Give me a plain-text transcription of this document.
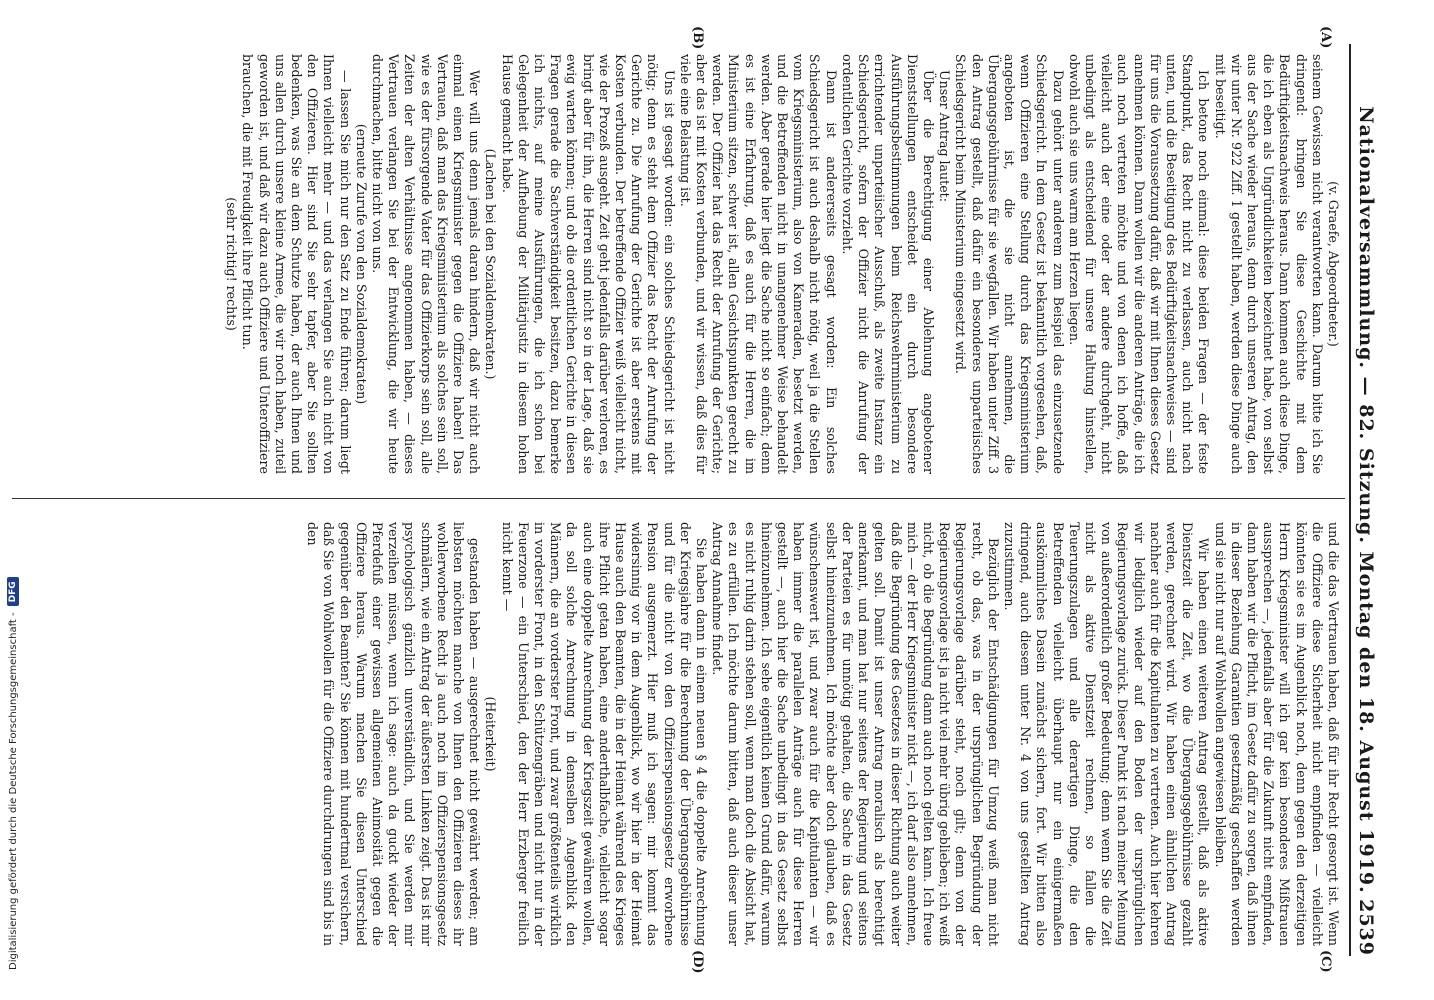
Nationalversammlung. — 82. Sitzung. Montag den 18. August 1919.
2539
(A)
(B)
(C)
(D)

(v. Graefe, Abgeordneter.)

seinem Gewissen nicht verantworten kann. Darum bitte ich Sie dringend: bringen Sie diese Geschichte mit dem Bedürftigkeitsnachweis heraus. Dann kommen auch diese Dinge, die ich eben als Ungründlichkeiten bezeichnet habe, von selbst aus der Sache wieder heraus, denn durch unseren Antrag, den wir unter Nr. 922 Ziff. 1 gestellt haben, werden diese Dinge auch mit beseitigt.

Ich betone noch einmal: diese beiden Fragen — der feste Standpunkt, das Recht nicht zu verlassen, auch nicht nach unten, und die Beseitigung des Bedürftigkeitsnachweises — sind für uns die Voraussetzung dafür, daß wir mit Ihnen dieses Gesetz annehmen können. Dann wollen wir die anderen Anträge, die ich auch noch vertreten möchte und von denen ich hoffe, daß vielleicht auch der eine oder der andere durchgeht, nicht unbedingt als entscheidend für unsere Haltung hinstellen, obwohl auch sie uns warm am Herzen liegen.

Dazu gehört unter anderem zum Beispiel das einzusetzende Schiedsgericht. In dem Gesetz ist bekanntlich vorgesehen, daß, wenn Offizieren eine Stellung durch das Kriegsministerium angeboten ist, die sie nicht annehmen, die Übergangsgebührnisse für sie wegfallen. Wir haben unter Ziff. 3 den Antrag gestellt, daß dafür ein besonderes unparteiisches Schiedsgericht beim Ministerium eingesetzt wird.

Unser Antrag lautet:

Über die Berechtigung einer Ablehnung angebotener Dienststellungen entscheidet ein durch besondere Ausführungsbestimmungen beim Reichswehrministerium zu errichtender unparteiischer Ausschuß, als zweite Instanz ein Schiedsgericht, sofern der Offizier nicht die Anrufung der ordentlichen Gerichte vorzieht.

Dann ist andererseits gesagt worden: Ein solches Schiedsgericht ist auch deshalb nicht nötig, weil ja die Stellen vom Kriegsministerium, also von Kameraden, besetzt werden, und die Betreffenden nicht in unangenehmer Weise behandelt werden. Aber gerade hier liegt die Sache nicht so einfach; denn es ist eine Erfahrung, daß es auch für die Herren, die im Ministerium sitzen, schwer ist, allen Gesichtspunkten gerecht zu werden. Der Offizier hat das Recht der Anrufung der Gerichte; aber das ist mit Kosten verbunden, und wir wissen, daß dies für viele eine Belastung ist.

Uns ist gesagt worden: ein solches Schiedsgericht ist nicht nötig; denn es steht dem Offizier das Recht der Anrufung der Gerichte zu. Die Anrufung der Gerichte ist aber erstens mit Kosten verbunden. Der betreffende Offizier weiß vielleicht nicht, wie der Prozeß ausgeht. Zeit geht jedenfalls darüber verloren, es bringt aber für ihn, die Herren sind nicht so in der Lage, daß sie ewig warten können; und ob die ordentlichen Gerichte in diesen Fragen gerade die Sachverständigkeit besitzen, dazu bemerke ich nichts, auf meine Ausführungen, die ich schon bei Gelegenheit der Aufhebung der Militärjustiz in diesem hohen Hause gemacht habe.

(Lachen bei den Sozialdemokraten.)

Wer will uns denn jemals daran hindern, daß wir nicht auch einmal einen Kriegsminister gegen die Offiziere haben! Das Vertrauen, daß man das Kriegsministerium als solches sein soll, wie es der fürsorgende Vater für das Offizierkorps sein soll, alle Zeiten der alten Verhältnisse angenommen haben, — dieses Vertrauen verlangen Sie bei der Entwicklung, die wir heute durchmachen, bitte nicht von uns.

(erneute Zurufe von den Sozialdemokraten)

— lassen Sie mich nur den Satz zu Ende führen; darum liegt Ihnen vielleicht mehr — und das verlangen Sie auch nicht von den Offizieren. Hier sind Sie sehr tapfer, aber Sie sollten bedenken, was Sie an dem Schutze haben, der auch Ihnen und uns allen durch unsere kleine Armee, die wir noch haben, zuteil geworden ist, und daß wir dazu auch Offiziere und Unteroffiziere brauchen, die mit Freudigkeit ihre Pflicht tun.

(sehr richtig! rechts)

und die das Vertrauen haben, daß für ihr Recht gesorgt ist. Wenn die Offiziere diese Sicherheit nicht empfinden — vielleicht könnten sie es im Augenblick noch, denn gegen den derzeitigen Herrn Kriegsminister will ich gar kein besonderes Mißtrauen aussprechen —, jedenfalls aber für die Zukunft nicht empfinden, dann haben wir die Pflicht, im Gesetz dafür zu sorgen, daß ihnen in dieser Beziehung Garantien gesetzmäßig geschaffen werden und sie nicht nur auf Wohlwollen angewiesen bleiben.

Wir haben einen weiteren Antrag gestellt, daß als aktive Dienstzeit die Zeit, wo die Übergangsgebührnisse gezahlt werden, gerechnet wird. Wir haben einen ähnlichen Antrag nachher auch für die Kapitulanten zu vertreten. Auch hier kehren wir lediglich wieder auf den Boden der ursprünglichen Regierungsvorlage zurück. Dieser Punkt ist nach meiner Meinung von außerordentlich großer Bedeutung; denn wenn Sie die Zeit nicht als aktive Dienstzeit rechnen, so fallen die Teuerungszulagen und alle derartigen Dinge, die den Betreffenden vielleicht überhaupt nur ein einigermaßen auskömmliches Dasein zunächst sichern, fort. Wir bitten also dringend, auch diesem unter Nr. 4 von uns gestellten Antrag zuzustimmen.

Bezüglich der Entschädigungen für Umzug weiß man nicht recht, ob das, was in der ursprünglichen Begründung der Regierungsvorlage darüber steht, noch gilt; denn von der Regierungsvorlage ist ja nicht viel mehr übrig geblieben; ich weiß nicht, ob die Begründung dann auch noch gelten kann. Ich freue mich — der Herr Kriegsminister nickt —, ich darf also annehmen, daß die Begründung des Gesetzes in dieser Richtung auch weiter gelten soll. Damit ist unser Antrag moralisch als berechtigt anerkannt, und man hat nur seitens der Regierung und seitens der Parteien es für unnötig gehalten, die Sache in das Gesetz selbst hineinzunehmen. Ich möchte aber doch glauben, daß es wünschenswert ist, und zwar auch für die Kapitulanten — wir haben immer die parallelen Anträge auch für diese Herren gestellt —, auch hier die Sache unbedingt in das Gesetz selbst hineinzunehmen. Ich sehe eigentlich keinen Grund dafür, warum es nicht ruhig darin stehen soll, wenn man doch die Absicht hat, es zu erfüllen. Ich möchte darum bitten, daß auch dieser unser Antrag Annahme findet.

Sie haben dann in einem neuen § 4 die doppelte Anrechnung der Kriegsjahre für die Berechnung der Übergangsgebührnisse und für die nicht von den Offizierspensionsgesetz erworbene Pension ausgemerzt. Hier muß ich sagen: mir kommt das widersinnig vor in dem Augenblick, wo wir hier in der Heimat Hause auch den Beamten, die in der Heimat während des Krieges ihre Pflicht getan haben, eine anderthalbfache, vielleicht sogar auch eine doppelte Anrechnung der Kriegszeit gewähren wollen, da soll solche Anrechnung in demselben Augenblick den Männern, die an vorderster Front, und zwar größtenteils wirklich in vorderster Front, in den Schützengräben und nicht nur in der Feuerzone — ein Unterschied, den der Herr Erzberger freilich nicht kennt —

(Heiterkeit)

gestanden haben — ausgerechnet nicht gewährt werden; am liebsten möchten manche von Ihnen den Offizieren dieses ihr wohlerworbene Recht ja auch noch im Offizierspensionsgesetz schmälern, wie ein Antrag der äußersten Linken zeigt. Das ist mir psychologisch gänzlich unverständlich, und Sie werden mir verzeihen müssen, wenn ich sage: auch da guckt wieder der Pferdefuß einer gewissen allgemeinen Animosität gegen die Offiziere heraus. Warum machen Sie diesen Unterschied gegenüber den Beamten? Sie können mit hundertmal versichern, daß Sie von Wohlwollen für die Offiziere durchdrungen sind bis in den

Digitalisierung gefördert durch die Deutsche Forschungsgemeinschaft -
DFG
